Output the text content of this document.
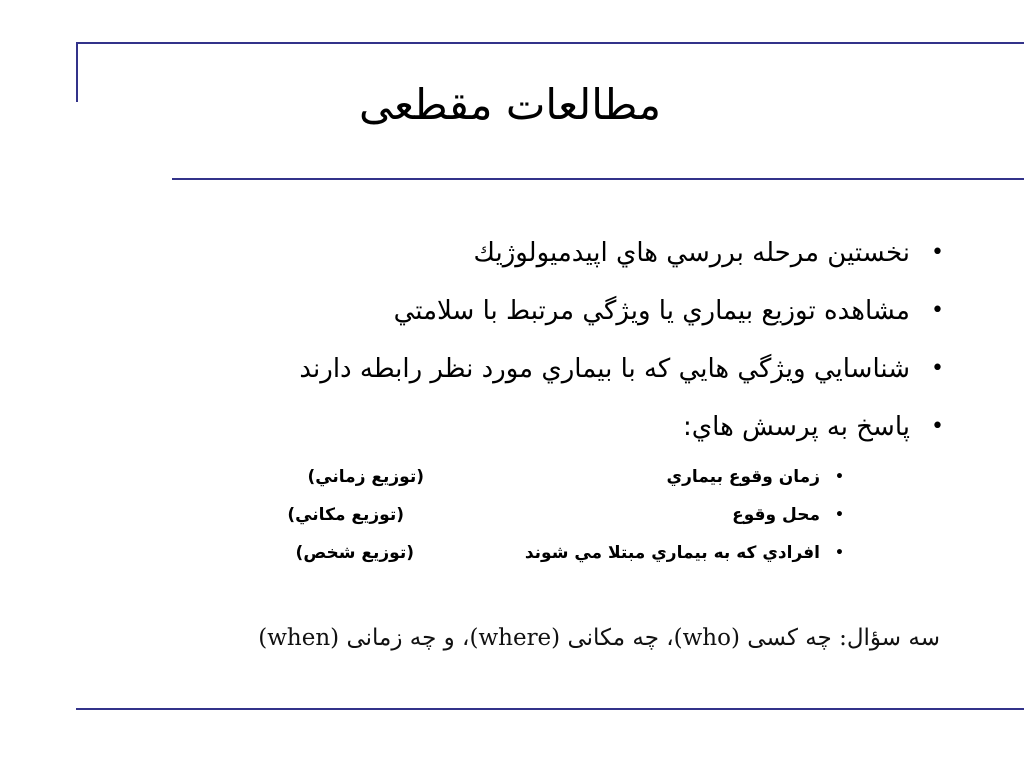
مطالعات مقطعی
•
نخستين مرحله بررسي هاي اپيدميولوژيك
•
مشاهده توزيع بيماري يا ويژگي مرتبط با سلامتي
•
شناسايي ويژگي هايي كه با بيماري مورد نظر رابطه دارند
•
پاسخ به پرسش هاي:
•
زمان وقوع بيماري
(توزيع زماني)
•
محل وقوع
(توزيع مكاني)
•
افرادي كه به بيماري مبتلا مي شوند
(توزيع شخص)
سه سؤال: چه کسی (who)، چه مکانی (where)، و چه زمانی (when)
